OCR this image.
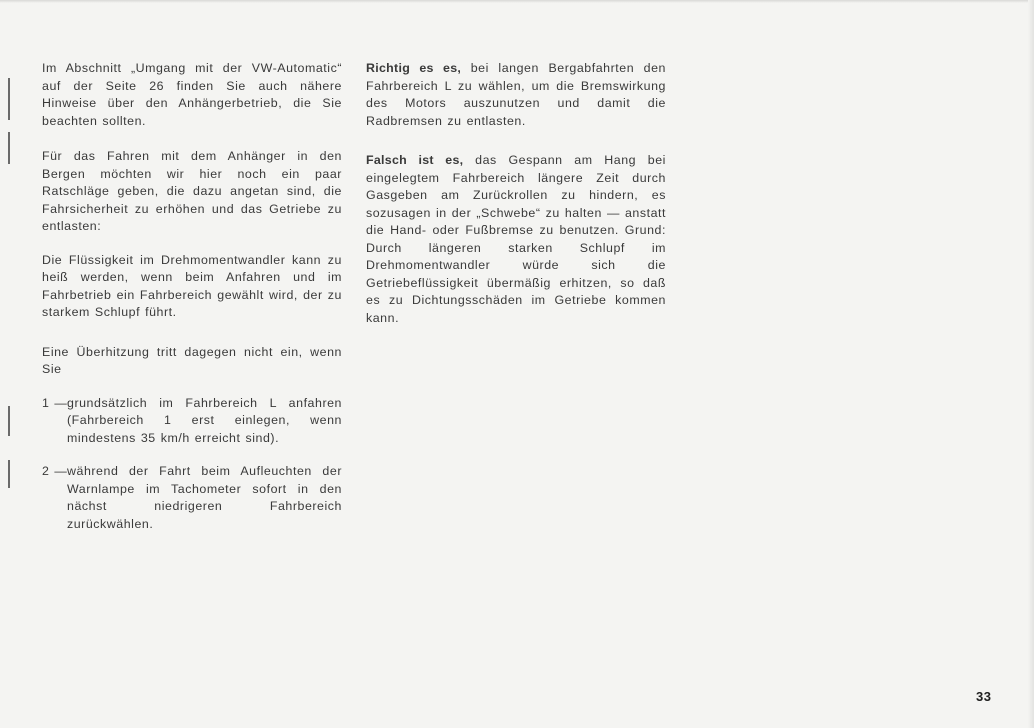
Im Abschnitt „Umgang mit der VW-Automatic“ auf der Seite 26 finden Sie auch nähere Hinweise über den Anhängerbetrieb, die Sie beachten sollten.

Für das Fahren mit dem Anhänger in den Bergen möchten wir hier noch ein paar Ratschläge geben, die dazu angetan sind, die Fahrsicherheit zu erhöhen und das Getriebe zu entlasten:

Die Flüssigkeit im Drehmomentwandler kann zu heiß werden, wenn beim Anfahren und im Fahrbetrieb ein Fahrbereich gewählt wird, der zu starkem Schlupf führt.

Eine Überhitzung tritt dagegen nicht ein, wenn Sie

1 — grundsätzlich im Fahrbereich L anfahren (Fahrbereich 1 erst einlegen, wenn mindestens 35 km/h erreicht sind).
2 — während der Fahrt beim Aufleuchten der Warnlampe im Tachometer sofort in den nächst niedrigeren Fahrbereich zurückwählen.

Richtig es es, bei langen Bergabfahrten den Fahrbereich L zu wählen, um die Bremswirkung des Motors auszunutzen und damit die Radbremsen zu entlasten.

Falsch ist es, das Gespann am Hang bei eingelegtem Fahrbereich längere Zeit durch Gasgeben am Zurückrollen zu hindern, es sozusagen in der „Schwebe“ zu halten — anstatt die Hand- oder Fußbremse zu benutzen. Grund: Durch längeren starken Schlupf im Drehmomentwandler würde sich die Getriebeflüssigkeit übermäßig erhitzen, so daß es zu Dichtungsschäden im Getriebe kommen kann.

33
